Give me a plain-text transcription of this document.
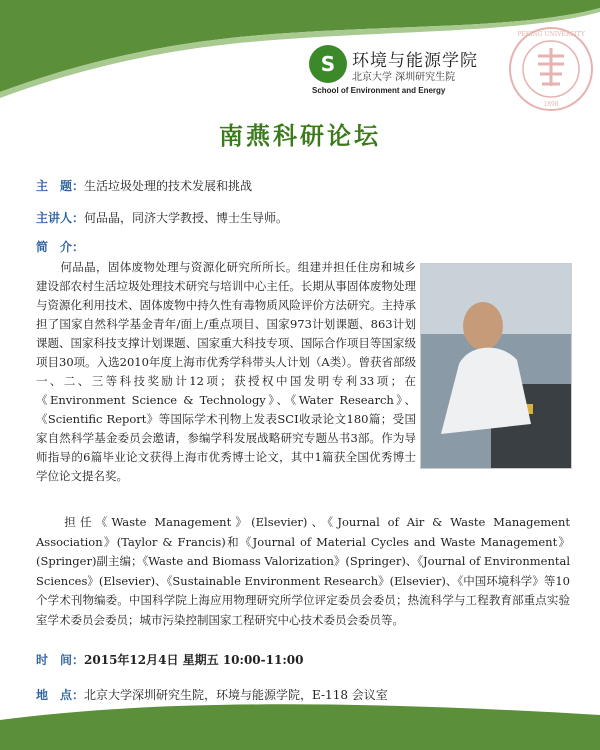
S 环境与能源学院
北京大学 深圳研究生院
School of Environment and Energy
PEKING UNIVERSITY
1898
南燕科研论坛
主　题：生活垃圾处理的技术发展和挑战
主讲人：何品晶，同济大学教授、博士生导师。
简　介：
何品晶，固体废物处理与资源化研究所所长。组建并担任住房和城乡建设部农村生活垃圾处理技术研究与培训中心主任。长期从事固体废物处理与资源化利用技术、固体废物中持久性有毒物质风险评价方法研究。主持承担了国家自然科学基金青年/面上/重点项目、国家973计划课题、863计划课题、国家科技支撑计划课题、国家重大科技专项、国际合作项目等国家级项目30项。入选2010年度上海市优秀学科带头人计划（A类）。曾获省部级一、二、三等科技奖励计12项；获授权中国发明专利33项；在《Environment Science & Technology》、《Water Research》、《Scientific Report》等国际学术刊物上发表SCI收录论文180篇；受国家自然科学基金委员会邀请，参编学科发展战略研究专题丛书3部。作为导师指导的6篇毕业论文获得上海市优秀博士论文，其中1篇获全国优秀博士学位论文提名奖。
担任《Waste Management》(Elsevier)、《Journal of Air & Waste Management Association》(Taylor & Francis)和《Journal of Material Cycles and Waste Management》(Springer)副主编；《Waste and Biomass Valorization》(Springer)、《Journal of Environmental Sciences》(Elsevier)、《Sustainable Environment Research》(Elsevier)、《中国环境科学》等10个学术刊物编委。中国科学院上海应用物理研究所学位评定委员会委员；热流科学与工程教育部重点实验室学术委员会委员；城市污染控制国家工程研究中心技术委员会委员等。
时　间：2015年12月4日 星期五 10:00-11:00
地　点：北京大学深圳研究生院，环境与能源学院，E-118 会议室
